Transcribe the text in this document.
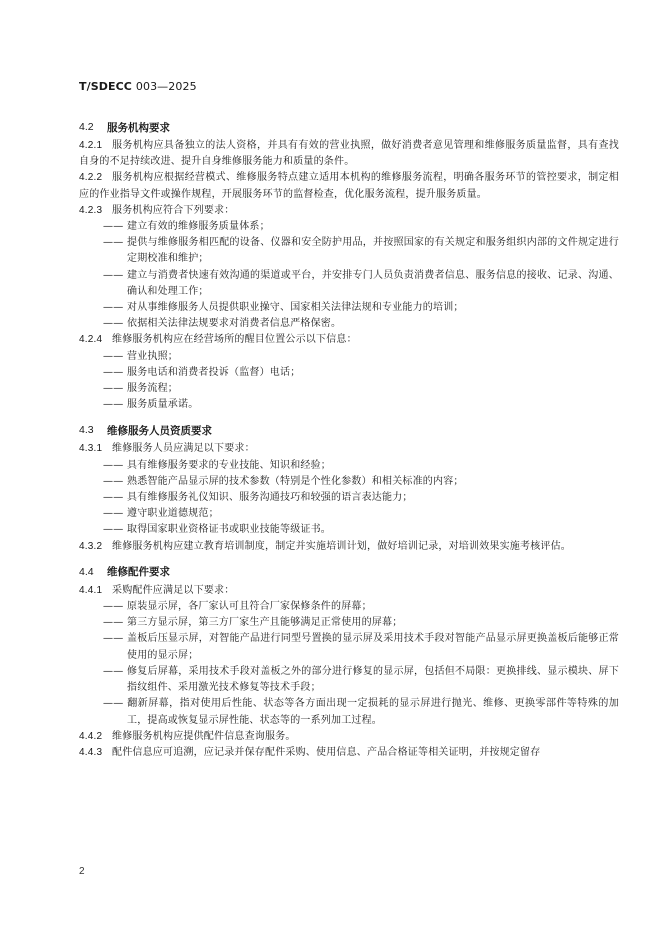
T/SDECC 003—2025
4.2	服务机构要求
4.2.1 服务机构应具备独立的法人资格，并具有有效的营业执照，做好消费者意见管理和维修服务质量监督，具有查找自身的不足持续改进、提升自身维修服务能力和质量的条件。
4.2.2 服务机构应根据经营模式、维修服务特点建立适用本机构的维修服务流程，明确各服务环节的管控要求，制定相应的作业指导文件或操作规程，开展服务环节的监督检查，优化服务流程，提升服务质量。
4.2.3 服务机构应符合下列要求：
—— 建立有效的维修服务质量体系；
—— 提供与维修服务相匹配的设备、仪器和安全防护用品，并按照国家的有关规定和服务组织内部的文件规定进行定期校准和维护；
—— 建立与消费者快速有效沟通的渠道或平台，并安排专门人员负责消费者信息、服务信息的接收、记录、沟通、确认和处理工作；
—— 对从事维修服务人员提供职业操守、国家相关法律法规和专业能力的培训；
—— 依据相关法律法规要求对消费者信息严格保密。
4.2.4 维修服务机构应在经营场所的醒目位置公示以下信息：
—— 营业执照；
—— 服务电话和消费者投诉（监督）电话；
—— 服务流程；
—— 服务质量承诺。
4.3	维修服务人员资质要求
4.3.1 维修服务人员应满足以下要求：
—— 具有维修服务要求的专业技能、知识和经验；
—— 熟悉智能产品显示屏的技术参数（特别是个性化参数）和相关标准的内容；
—— 具有维修服务礼仪知识、服务沟通技巧和较强的语言表达能力；
—— 遵守职业道德规范；
—— 取得国家职业资格证书或职业技能等级证书。
4.3.2 维修服务机构应建立教育培训制度，制定并实施培训计划，做好培训记录，对培训效果实施考核评估。
4.4	维修配件要求
4.4.1 采购配件应满足以下要求：
—— 原装显示屏，各厂家认可且符合厂家保修条件的屏幕；
—— 第三方显示屏，第三方厂家生产且能够满足正常使用的屏幕；
—— 盖板后压显示屏，对智能产品进行同型号置换的显示屏及采用技术手段对智能产品显示屏更换盖板后能够正常使用的显示屏；
—— 修复后屏幕，采用技术手段对盖板之外的部分进行修复的显示屏，包括但不局限：更换排线、显示模块、屏下指纹组件、采用激光技术修复等技术手段；
—— 翻新屏幕，指对使用后性能、状态等各方面出现一定损耗的显示屏进行抛光、维修、更换零部件等特殊的加工，提高或恢复显示屏性能、状态等的一系列加工过程。
4.4.2 维修服务机构应提供配件信息查询服务。
4.4.3 配件信息应可追溯，应记录并保存配件采购、使用信息、产品合格证等相关证明，并按规定留存
2
